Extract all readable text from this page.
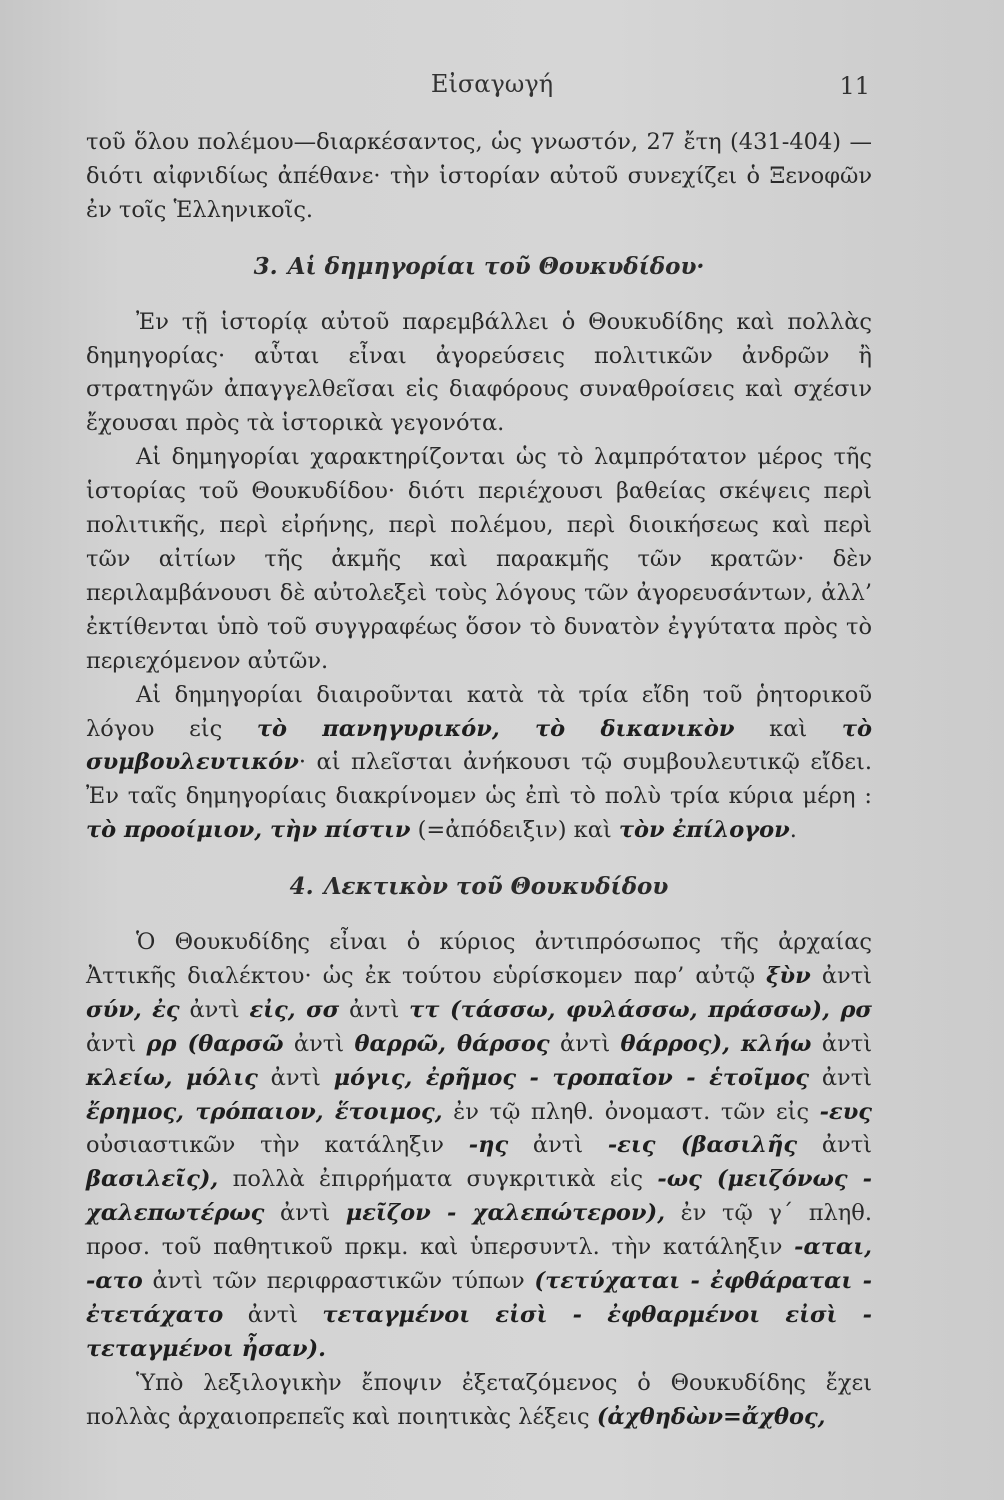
Εἰσαγωγή	11

τοῦ ὅλου πολέμου—διαρκέσαντος, ὡς γνωστόν, 27 ἔτη (431-404) —διότι αἰφνιδίως ἀπέθανε· τὴν ἱστορίαν αὐτοῦ συνεχίζει ὁ Ξενοφῶν ἐν τοῖς Ἑλληνικοῖς.

3. Αἱ δημηγορίαι τοῦ Θουκυδίδου·

Ἐν τῇ ἱστορίᾳ αὐτοῦ παρεμβάλλει ὁ Θουκυδίδης καὶ πολλὰς δημηγορίας· αὗται εἶναι ἀγορεύσεις πολιτικῶν ἀνδρῶν ἢ στρατηγῶν ἀπαγγελθεῖσαι εἰς διαφόρους συναθροίσεις καὶ σχέσιν ἔχουσαι πρὸς τὰ ἱστορικὰ γεγονότα.

Αἱ δημηγορίαι χαρακτηρίζονται ὡς τὸ λαμπρότατον μέρος τῆς ἱστορίας τοῦ Θουκυδίδου· διότι περιέχουσι βαθείας σκέψεις περὶ πολιτικῆς, περὶ εἰρήνης, περὶ πολέμου, περὶ διοικήσεως καὶ περὶ τῶν αἰτίων τῆς ἀκμῆς καὶ παρακμῆς τῶν κρατῶν· δὲν περιλαμβάνουσι δὲ αὐτολεξεὶ τοὺς λόγους τῶν ἀγορευσάντων, ἀλλ’ ἐκτίθενται ὑπὸ τοῦ συγγραφέως ὅσον τὸ δυνατὸν ἐγγύτατα πρὸς τὸ περιεχόμενον αὐτῶν.

Αἱ δημηγορίαι διαιροῦνται κατὰ τὰ τρία εἴδη τοῦ ῥητορικοῦ λόγου εἰς τὸ πανηγυρικόν, τὸ δικανικὸν καὶ τὸ συμβουλευτικόν· αἱ πλεῖσται ἀνήκουσι τῷ συμβουλευτικῷ εἴδει. Ἐν ταῖς δημηγορίαις διακρίνομεν ὡς ἐπὶ τὸ πολὺ τρία κύρια μέρη : τὸ προοίμιον, τὴν πίστιν (=ἀπόδειξιν) καὶ τὸν ἐπίλογον.

4. Λεκτικὸν τοῦ Θουκυδίδου

Ὁ Θουκυδίδης εἶναι ὁ κύριος ἀντιπρόσωπος τῆς ἀρχαίας Ἀττικῆς διαλέκτου· ὡς ἐκ τούτου εὑρίσκομεν παρ’ αὐτῷ ξὺν ἀντὶ σύν, ἐς ἀντὶ εἰς, σσ ἀντὶ ττ (τάσσω, φυλάσσω, πράσσω), ρσ ἀντὶ ρρ (θαρσῶ ἀντὶ θαρρῶ, θάρσος ἀντὶ θάρρος), κλήω ἀντὶ κλείω, μόλις ἀντὶ μόγις, ἐρῆμος - τροπαῖον - ἑτοῖμος ἀντὶ ἔρημος, τρόπαιον, ἕτοιμος, ἐν τῷ πληθ. ὀνομαστ. τῶν εἰς -ευς οὐσιαστικῶν τὴν κατάληξιν -ης ἀντὶ -εις (βασιλῆς ἀντὶ βασιλεῖς), πολλὰ ἐπιρρήματα συγκριτικὰ εἰς -ως (μειζόνως - χαλεπωτέρως ἀντὶ μεῖζον - χαλεπώτερον), ἐν τῷ γ΄ πληθ. προσ. τοῦ παθητικοῦ πρκμ. καὶ ὑπερσυντλ. τὴν κατάληξιν -αται, -ατο ἀντὶ τῶν περιφραστικῶν τύπων (τετύχαται - ἐφθάραται - ἐτετάχατο ἀντὶ τεταγμένοι εἰσὶ - ἐφθαρμένοι εἰσὶ - τεταγμένοι ἦσαν).

Ὑπὸ λεξιλογικὴν ἔποψιν ἐξεταζόμενος ὁ Θουκυδίδης ἔχει πολλὰς ἀρχαιοπρεπεῖς καὶ ποιητικὰς λέξεις (ἀχθηδὼν=ἄχθος,
